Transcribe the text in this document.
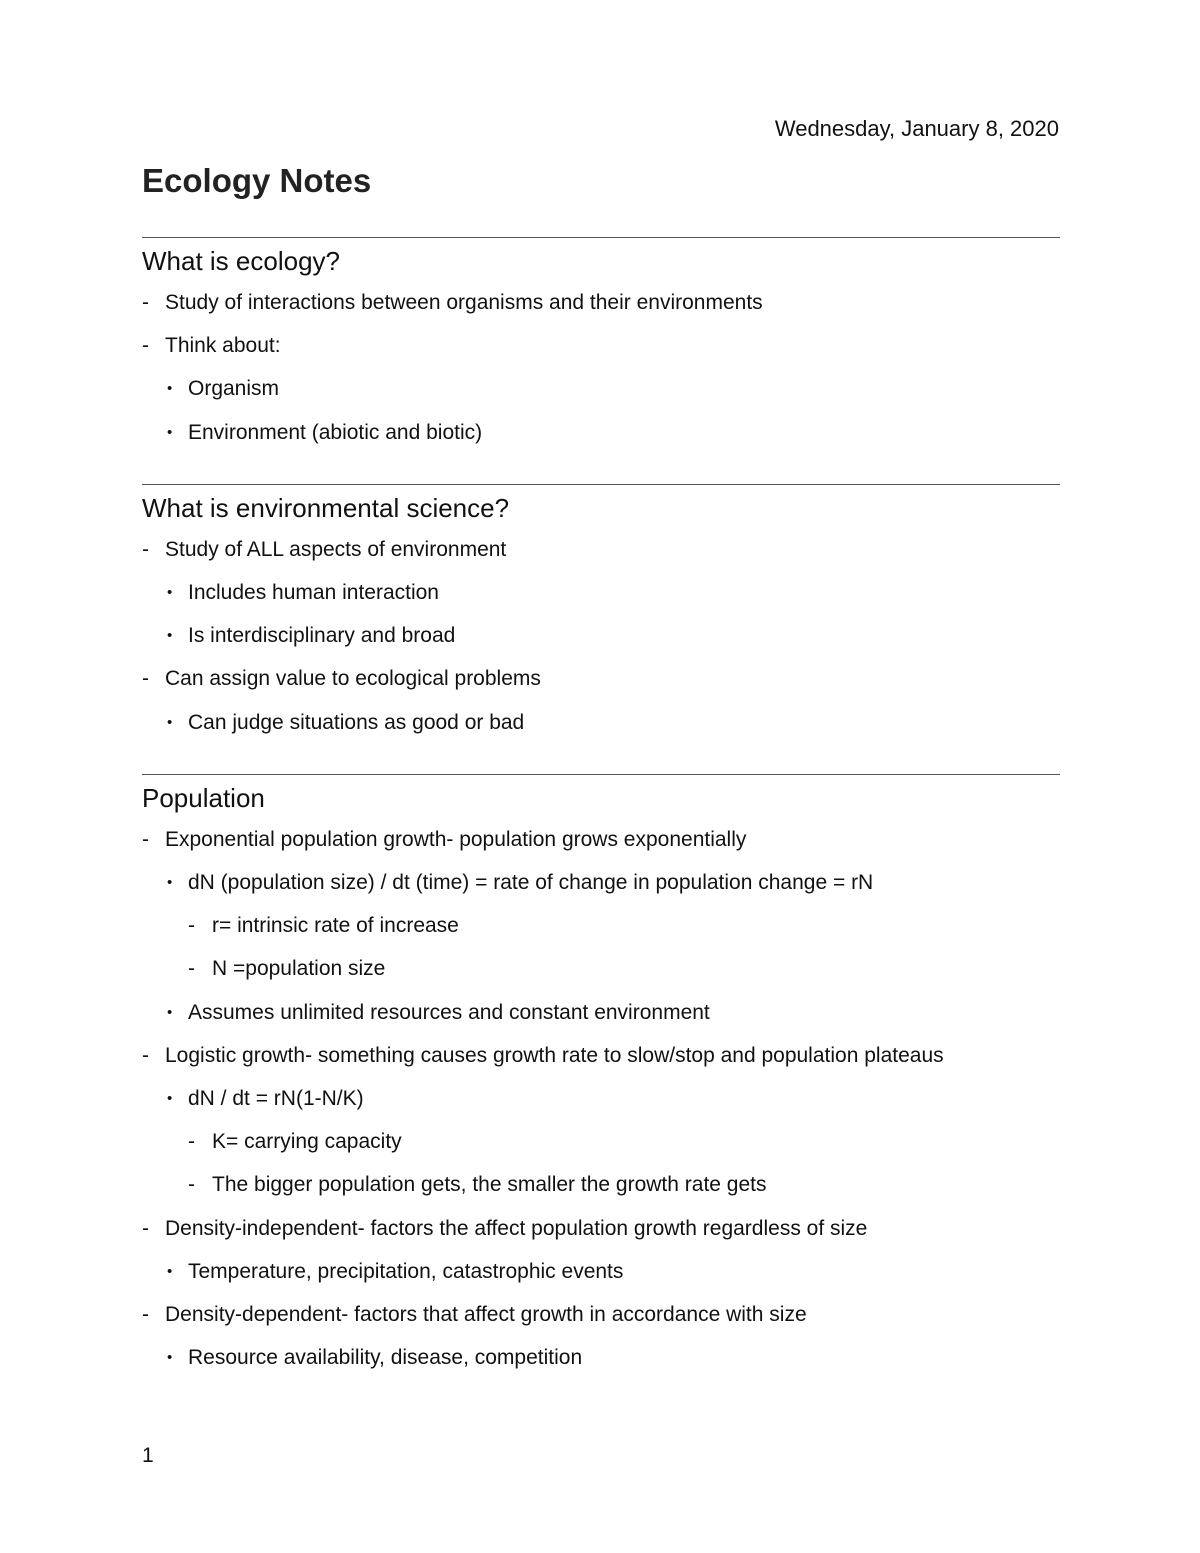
Wednesday, January 8, 2020
Ecology Notes
What is ecology?
- Study of interactions between organisms and their environments
- Think about:
• Organism
• Environment (abiotic and biotic)
What is environmental science?
- Study of ALL aspects of environment
• Includes human interaction
• Is interdisciplinary and broad
- Can assign value to ecological problems
• Can judge situations as good or bad
Population
- Exponential population growth- population grows exponentially
• dN (population size) / dt (time) = rate of change in population change = rN
- r= intrinsic rate of increase
- N =population size
• Assumes unlimited resources and constant environment
- Logistic growth- something causes growth rate to slow/stop and population plateaus
• dN / dt = rN(1-N/K)
- K= carrying capacity
- The bigger population gets, the smaller the growth rate gets
- Density-independent- factors the affect population growth regardless of size
• Temperature, precipitation, catastrophic events
- Density-dependent- factors that affect growth in accordance with size
• Resource availability, disease, competition
1
